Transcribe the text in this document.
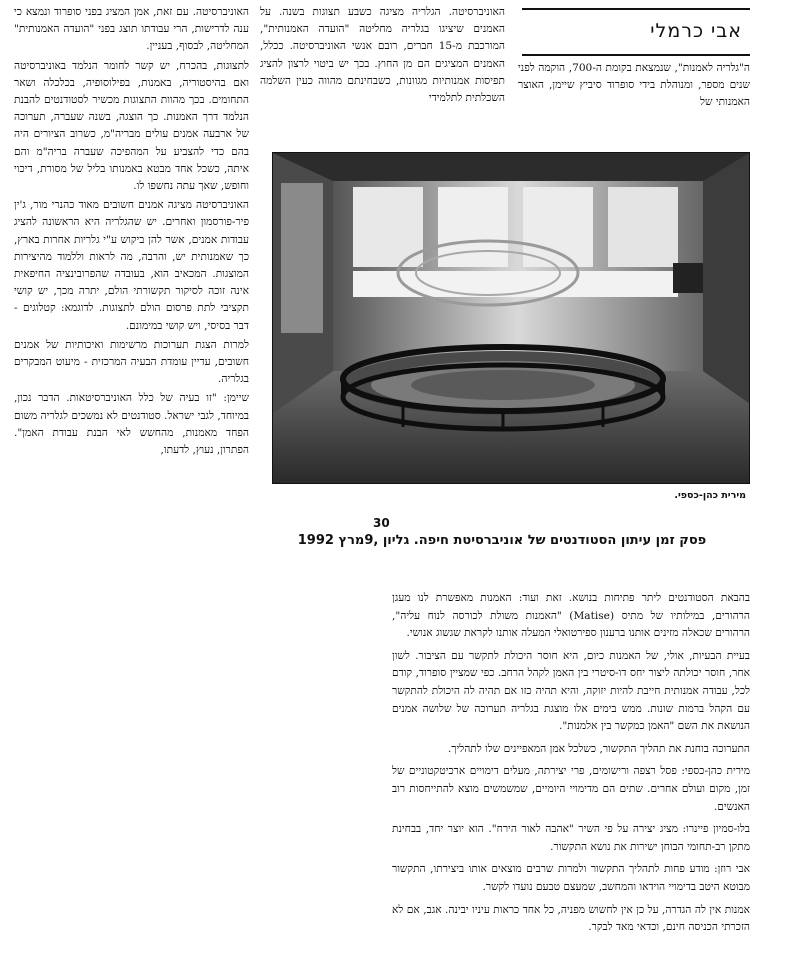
אבי כרמלי

ה"גלריה לאמנות", שנמצאת בקומת ה-700, הוקמה לפני שנים מספר, ומנוהלת בידי סופרוד סיביץ שיימן, האוצר האמנותי של

האוניברסיטה. הגלריה מציגה כשבע תצוגות בשנה. על האמנים שיציגו בגלריה מחליטה "הועדה האמנותית", המורכבת מ-15 חברים, רובם אנשי האוניברסיטה. ככלל, האמנים המציגים הם מן החוץ. בכך יש ביטוי לרצון להציג תפיסות אמנותיות מגוונות, כשבחינתם מהווה כעין השלמה השכלתית לתלמידי

האוניברסיטה. עם זאת, אמן המציג בפני סופרוד ונמצא כי ענה לדרישות, הרי עבודתו תוצג בפני "הועדה האמנותית" המחליטה, לבסוף, בעניין.

לתצוגות, בהכרח, יש קשר לחומר הנלמד באוניברסיטה ואם בהיסטוריה, באמנות, בפילוסופיה, בכלכלה ושאר התחומים. בכך מהוות התצוגות מכשיר לסטודנטים להבנת הנלמד דרך האמנות. כך הוצגה, בשנה שעברה, תערוכה של ארבעה אמנים עולים מבריה"מ, כשרוב הציורים היה בהם כדי להצביע על המהפיכה שעברה בריה"מ והם איתה, כשכל אחד מבטא באמנותו בליל של מסורת, דיכוי וחופש, שאך עתה נחשפו לו.

האוניברסיטה מציגה אמנים חשובים מאוד כהנרי מור, ג'ין פיר-פורסמון ואחרים. יש שהגלריה היא הראשונה להציג עבודות אמנים, אשר להן ביקוש ע"י גלריות אחרות בארץ, כך שאמנותית יש, והרבה, מה לראות וללמוד מהיצירות המוצגות. המכאיב הוא, בעובדה שהפרובינציה החיפאית אינה זוכה לסיקור תקשורתי הולם, יתרה מכך, יש קושי תקציבי לתת פרסום הולם לתצוגות. לדוגמא: קטלוגים - דבר בסיסי, ויש קושי במימונם.

למרות הצגת תערוכות מרשימות ואיכותיות של אמנים חשובים, עדיין עומדת הבעיה המרכזית - מיעוט המבקרים בגלריה.

שיימן: "זו בעיה של כלל האוניברסיטאות. הדבר נכון, במיוחד, לגבי ישראל. סטודנטים לא נמשכים לגלריה משום הפחד מאמנות, מהחשש לאי הבנת עבודת האמן". הפתרון, נעוץ, לדעתו,

מירית כהן-כספי.
30
פסק זמן עיתון הסטודנטים של אוניברסיטת חיפה. גליון ,9מרץ 1992

בהבאת הסטודנטים ליתר פתיחות בנושא. זאת ועוד: האמנות מאפשרת לנו מעגן הרהורים, במילותיו של מתיס (Matise) "האמנות משולת לכורסה לנוח עליה", הרהורים שכאלה מזינים אותנו ברענון ספירטואלי המעלה אותנו לקראת שגשוג אנושי.

בעיית הבעיות, אולי, של האמנות כיום, היא חוסר היכולת לתקשר עם הציבור. לשון אחר, חוסר יכולתה ליצור יחס דו-סיטרי בין האמן לקהל הרחב. כפי שמציין סופרוד, קודם לכל, עבודה אמנותית חייבת להיות יזוקה, והיא תהיה כזו אם תהיה לה היכולת להתקשר עם הקהל ברמות שונות. ממש בימים אלו מוצגת בגלריה תערוכה של שלושה אמנים הנושאת את השם "האמן כמקשר בין אלמנות".

התערוכה בוחנת את תהליך התקשור, כשלכל אמן המאפיינים שלו לתהליך.

מירית כהן-כספי: פסל רצפה ורישומים, פרי יצירתה, מעלים דימויים ארכיטקטוניים של זמן, מקום ועולם אחרים. שתים הם מדימויי היומיים, שמשמשים מוצא להתייחסות רוב האנשים.

בלו-סמיון פיינרו: מציג יצירה על פי השיר "אהבה לאור הירח". הוא יוצר יחד, בבחינת מתקן רב-תחומי הבוחן ישירות את נושא התקשור.

אבי רוזן: מודע פחות לתהליך התקשור ולמרות שרבים מוצאים אותו ביצירתו, התקשור מבוטא היטב בדימויי הוידאו והמחשב, שמעצם טבעם נועדו לקשר.

אמנות אין לה הגדרה, על כן אין לחשוש מפניה, כל אחד כראות עיניו יבינה. אגב, אם לא הזכרתי הכניסה חינם, וכדאי מאד לבקר.
